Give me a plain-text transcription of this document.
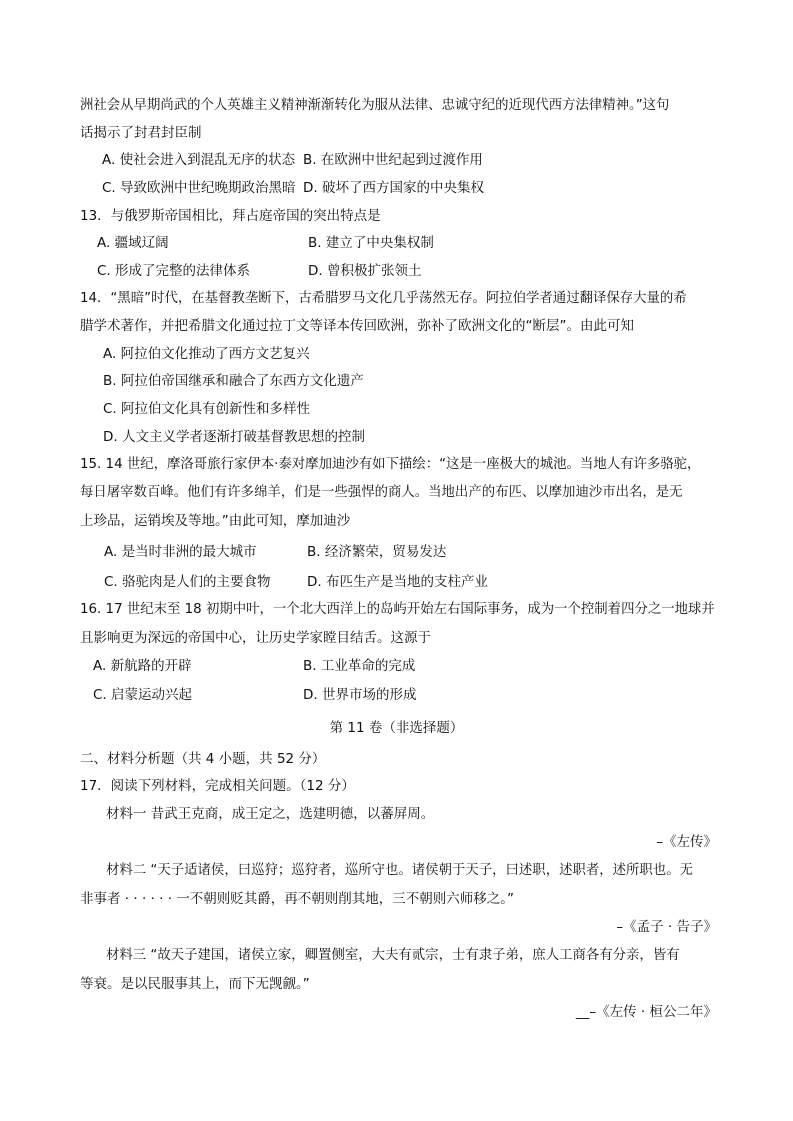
洲社会从早期尚武的个人英雄主义精神渐渐转化为服从法律、忠诚守纪的近现代西方法律精神。”这句
话揭示了封君封臣制
A. 使社会进入到混乱无序的状态 B. 在欧洲中世纪起到过渡作用
C. 导致欧洲中世纪晚期政治黑暗 D. 破坏了西方国家的中央集权
13．与俄罗斯帝国相比，拜占庭帝国的突出特点是
A. 疆域辽阔	B. 建立了中央集权制
C. 形成了完整的法律体系	D. 曾积极扩张领土
14．“黑暗”时代，在基督教垄断下，古希腊罗马文化几乎荡然无存。阿拉伯学者通过翻译保存大量的希
腊学术著作，并把希腊文化通过拉丁文等译本传回欧洲，弥补了欧洲文化的“断层”。由此可知
A. 阿拉伯文化推动了西方文艺复兴
B. 阿拉伯帝国继承和融合了东西方文化遗产
C. 阿拉伯文化具有创新性和多样性
D. 人文主义学者逐渐打破基督教思想的控制
15. 14 世纪，摩洛哥旅行家伊本·泰对摩加迪沙有如下描绘：“这是一座极大的城池。当地人有许多骆驼，
每日屠宰数百峰。他们有许多绵羊，们是一些强悍的商人。当地出产的布匹、以摩加迪沙市出名，是无
上珍品，运销埃及等地。”由此可知，摩加迪沙
A. 是当时非洲的最大城市	B. 经济繁荣，贸易发达
C. 骆驼肉是人们的主要食物	D. 布匹生产是当地的支柱产业
16. 17 世纪末至 18 初期中叶，一个北大西洋上的岛屿开始左右国际事务，成为一个控制着四分之一地球并
且影响更为深远的帝国中心，让历史学家瞠目结舌。这源于
A. 新航路的开辟	B. 工业革命的完成
C. 启蒙运动兴起	D. 世界市场的形成
第 11 卷（非选择题）
二、材料分析题（共 4 小题，共 52 分）
17．阅读下列材料，完成相关问题。（12 分）
材料一 昔武王克商，成王定之，选建明德，以蕃屏周。
–《左传》
材料二 “天子适诸侯，曰巡狩；巡狩者，巡所守也。诸侯朝于天子，曰述职，述职者，述所职也。无
非事者 · · · · · · 一不朝则贬其爵，再不朝则削其地，三不朝则六师移之。”
–《孟子 · 告子》
材料三 “故天子建国，诸侯立家，卿置侧室，大夫有贰宗，士有隶子弟，庶人工商各有分亲，皆有
等衰。是以民服事其上，而下无觊觎。”
__–《左传 · 桓公二年》
